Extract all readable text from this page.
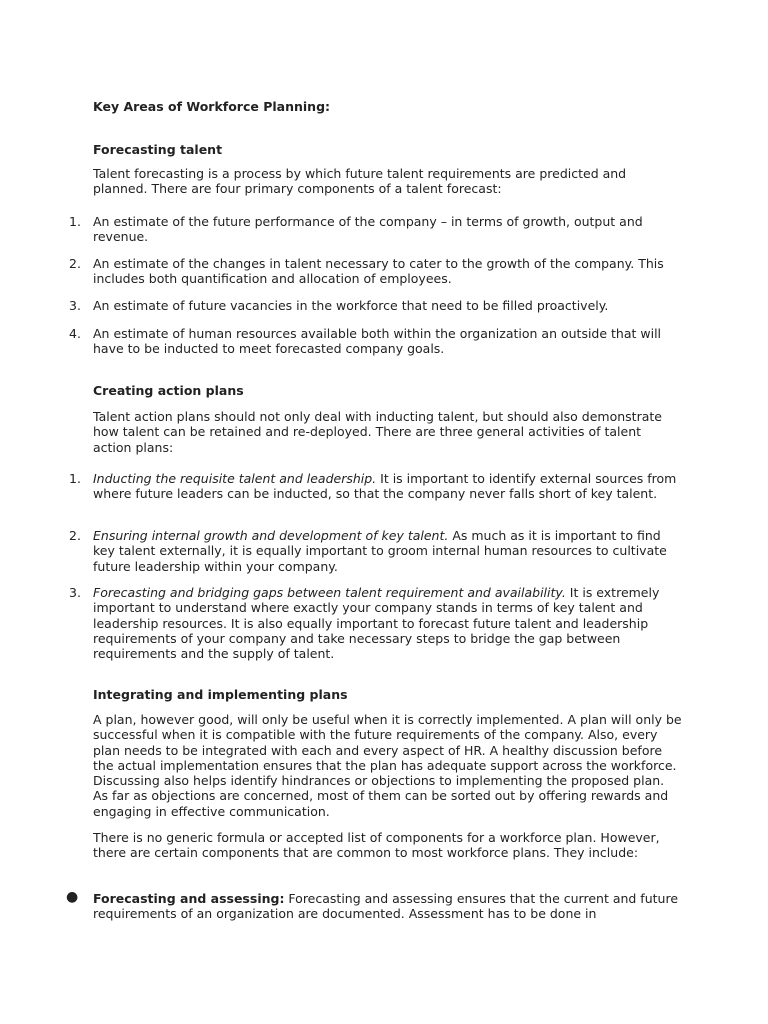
Key Areas of Workforce Planning:
Forecasting talent
Talent forecasting is a process by which future talent requirements are predicted and planned. There are four primary components of a talent forecast:
1. An estimate of the future performance of the company – in terms of growth, output and revenue.
2. An estimate of the changes in talent necessary to cater to the growth of the company. This includes both quantification and allocation of employees.
3. An estimate of future vacancies in the workforce that need to be filled proactively.
4. An estimate of human resources available both within the organization an outside that will have to be inducted to meet forecasted company goals.
Creating action plans
Talent action plans should not only deal with inducting talent, but should also demonstrate how talent can be retained and re-deployed. There are three general activities of talent action plans:
1. Inducting the requisite talent and leadership. It is important to identify external sources from where future leaders can be inducted, so that the company never falls short of key talent.
2. Ensuring internal growth and development of key talent. As much as it is important to find key talent externally, it is equally important to groom internal human resources to cultivate future leadership within your company.
3. Forecasting and bridging gaps between talent requirement and availability. It is extremely important to understand where exactly your company stands in terms of key talent and leadership resources. It is also equally important to forecast future talent and leadership requirements of your company and take necessary steps to bridge the gap between requirements and the supply of talent.
Integrating and implementing plans
A plan, however good, will only be useful when it is correctly implemented. A plan will only be successful when it is compatible with the future requirements of the company. Also, every plan needs to be integrated with each and every aspect of HR. A healthy discussion before the actual implementation ensures that the plan has adequate support across the workforce. Discussing also helps identify hindrances or objections to implementing the proposed plan. As far as objections are concerned, most of them can be sorted out by offering rewards and engaging in effective communication.
There is no generic formula or accepted list of components for a workforce plan. However, there are certain components that are common to most workforce plans. They include:
● Forecasting and assessing: Forecasting and assessing ensures that the current and future requirements of an organization are documented. Assessment has to be done in
